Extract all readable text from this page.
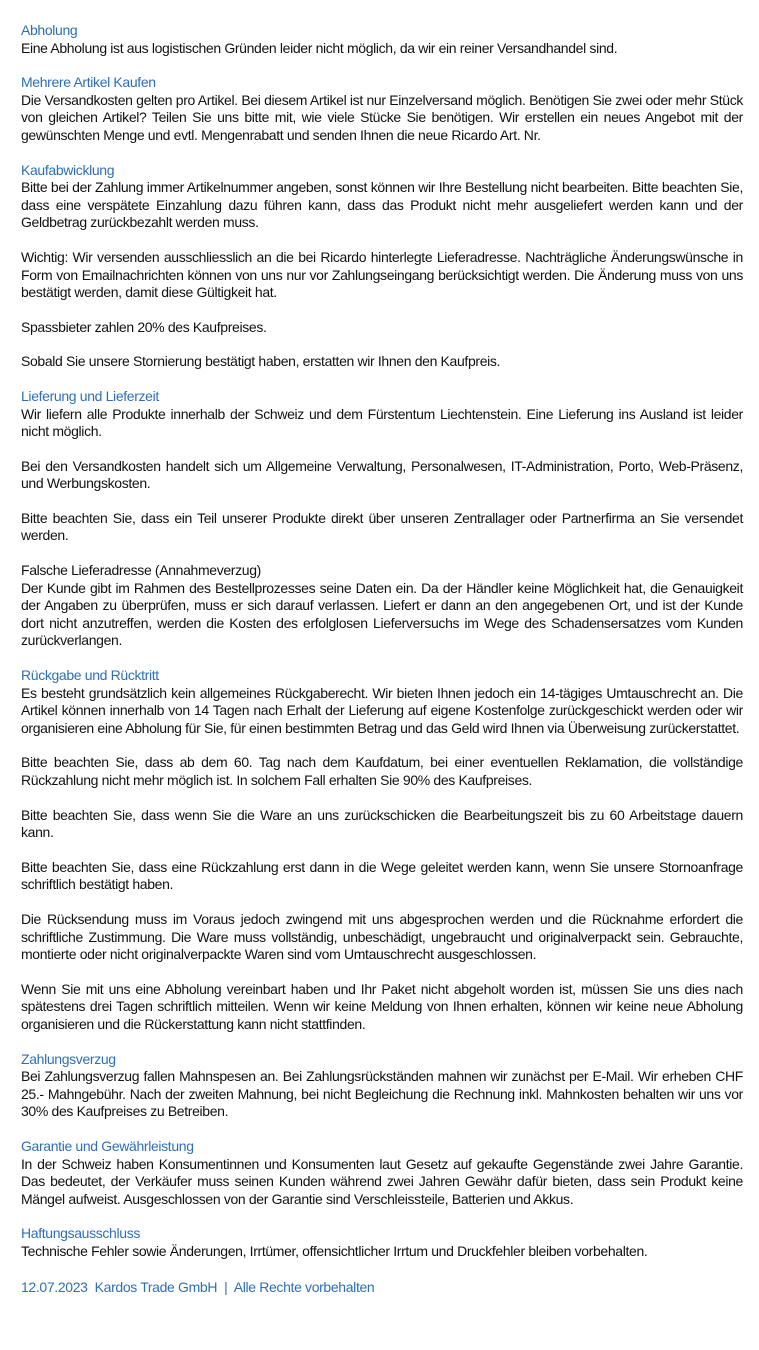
Abholung
Eine Abholung ist aus logistischen Gründen leider nicht möglich, da wir ein reiner Versandhandel sind.
Mehrere Artikel Kaufen
Die Versandkosten gelten pro Artikel. Bei diesem Artikel ist nur Einzelversand möglich. Benötigen Sie zwei oder mehr Stück von gleichen Artikel? Teilen Sie uns bitte mit, wie viele Stücke Sie benötigen. Wir erstellen ein neues Angebot mit der gewünschten Menge und evtl. Mengenrabatt und senden Ihnen die neue Ricardo Art. Nr.
Kaufabwicklung
Bitte bei der Zahlung immer Artikelnummer angeben, sonst können wir Ihre Bestellung nicht bearbeiten. Bitte beachten Sie, dass eine verspätete Einzahlung dazu führen kann, dass das Produkt nicht mehr ausgeliefert werden kann und der Geldbetrag zurückbezahlt werden muss.
Wichtig: Wir versenden ausschliesslich an die bei Ricardo hinterlegte Lieferadresse. Nachträgliche Änderungswünsche in Form von Emailnachrichten können von uns nur vor Zahlungseingang berücksichtigt werden. Die Änderung muss von uns bestätigt werden, damit diese Gültigkeit hat.
Spassbieter zahlen 20% des Kaufpreises.
Sobald Sie unsere Stornierung bestätigt haben, erstatten wir Ihnen den Kaufpreis.
Lieferung und Lieferzeit
Wir liefern alle Produkte innerhalb der Schweiz und dem Fürstentum Liechtenstein. Eine Lieferung ins Ausland ist leider nicht möglich.
Bei den Versandkosten handelt sich um Allgemeine Verwaltung, Personalwesen, IT-Administration, Porto, Web-Präsenz, und Werbungskosten.
Bitte beachten Sie, dass ein Teil unserer Produkte direkt über unseren Zentrallager oder Partnerfirma an Sie versendet werden.
Falsche Lieferadresse (Annahmeverzug)
Der Kunde gibt im Rahmen des Bestellprozesses seine Daten ein. Da der Händler keine Möglichkeit hat, die Genauigkeit der Angaben zu überprüfen, muss er sich darauf verlassen. Liefert er dann an den angegebenen Ort, und ist der Kunde dort nicht anzutreffen, werden die Kosten des erfolglosen Lieferversuchs im Wege des Schadensersatzes vom Kunden zurückverlangen.
Rückgabe und Rücktritt
Es besteht grundsätzlich kein allgemeines Rückgaberecht. Wir bieten Ihnen jedoch ein 14-tägiges Umtauschrecht an. Die Artikel können innerhalb von 14 Tagen nach Erhalt der Lieferung auf eigene Kostenfolge zurückgeschickt werden oder wir organisieren eine Abholung für Sie, für einen bestimmten Betrag und das Geld wird Ihnen via Überweisung zurückerstattet.
Bitte beachten Sie, dass ab dem 60. Tag nach dem Kaufdatum, bei einer eventuellen Reklamation, die vollständige Rückzahlung nicht mehr möglich ist. In solchem Fall erhalten Sie 90% des Kaufpreises.
Bitte beachten Sie, dass wenn Sie die Ware an uns zurückschicken die Bearbeitungszeit bis zu 60 Arbeitstage dauern kann.
Bitte beachten Sie, dass eine Rückzahlung erst dann in die Wege geleitet werden kann, wenn Sie unsere Stornoanfrage schriftlich bestätigt haben.
Die Rücksendung muss im Voraus jedoch zwingend mit uns abgesprochen werden und die Rücknahme erfordert die schriftliche Zustimmung. Die Ware muss vollständig, unbeschädigt, ungebraucht und originalverpackt sein. Gebrauchte, montierte oder nicht originalverpackte Waren sind vom Umtauschrecht ausgeschlossen.
Wenn Sie mit uns eine Abholung vereinbart haben und Ihr Paket nicht abgeholt worden ist, müssen Sie uns dies nach spätestens drei Tagen schriftlich mitteilen. Wenn wir keine Meldung von Ihnen erhalten, können wir keine neue Abholung organisieren und die Rückerstattung kann nicht stattfinden.
Zahlungsverzug
Bei Zahlungsverzug fallen Mahnspesen an. Bei Zahlungsrückständen mahnen wir zunächst per E-Mail. Wir erheben CHF 25.- Mahngebühr. Nach der zweiten Mahnung, bei nicht Begleichung die Rechnung inkl. Mahnkosten behalten wir uns vor 30% des Kaufpreises zu Betreiben.
Garantie und Gewährleistung
In der Schweiz haben Konsumentinnen und Konsumenten laut Gesetz auf gekaufte Gegenstände zwei Jahre Garantie. Das bedeutet, der Verkäufer muss seinen Kunden während zwei Jahren Gewähr dafür bieten, dass sein Produkt keine Mängel aufweist. Ausgeschlossen von der Garantie sind Verschleissteile, Batterien und Akkus.
Haftungsausschluss
Technische Fehler sowie Änderungen, Irrtümer, offensichtlicher Irrtum und Druckfehler bleiben vorbehalten.
12.07.2023  Kardos Trade GmbH  |  Alle Rechte vorbehalten
